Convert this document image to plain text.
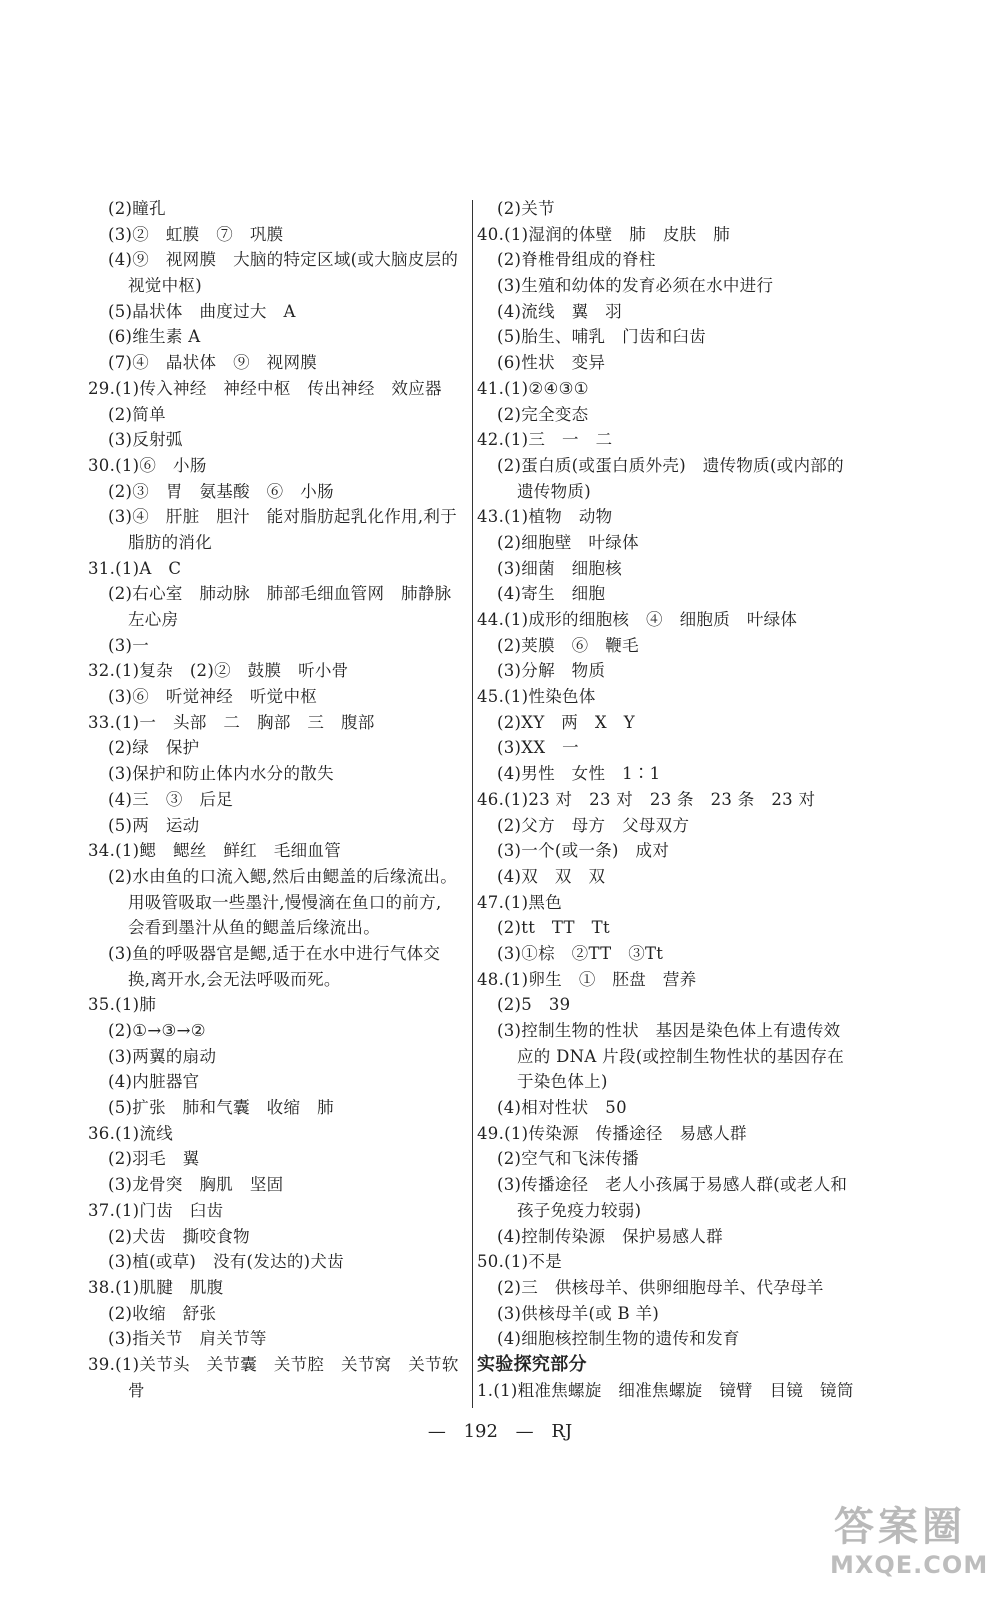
(2)瞳孔
(3)②　虹膜　⑦　巩膜
(4)⑨　视网膜　大脑的特定区域(或大脑皮层的
视觉中枢)
(5)晶状体　曲度过大　A
(6)维生素 A
(7)④　晶状体　⑨　视网膜
29.(1)传入神经　神经中枢　传出神经　效应器
(2)简单
(3)反射弧
30.(1)⑥　小肠
(2)③　胃　氨基酸　⑥　小肠
(3)④　肝脏　胆汁　能对脂肪起乳化作用,利于
脂肪的消化
31.(1)A　C
(2)右心室　肺动脉　肺部毛细血管网　肺静脉
左心房
(3)一
32.(1)复杂　(2)②　鼓膜　听小骨
(3)⑥　听觉神经　听觉中枢
33.(1)一　头部　二　胸部　三　腹部
(2)绿　保护
(3)保护和防止体内水分的散失
(4)三　③　后足
(5)两　运动
34.(1)鳃　鳃丝　鲜红　毛细血管
(2)水由鱼的口流入鳃,然后由鳃盖的后缘流出。
用吸管吸取一些墨汁,慢慢滴在鱼口的前方,
会看到墨汁从鱼的鳃盖后缘流出。
(3)鱼的呼吸器官是鳃,适于在水中进行气体交
换,离开水,会无法呼吸而死。
35.(1)肺
(2)①→③→②
(3)两翼的扇动
(4)内脏器官
(5)扩张　肺和气囊　收缩　肺
36.(1)流线
(2)羽毛　翼
(3)龙骨突　胸肌　坚固
37.(1)门齿　臼齿
(2)犬齿　撕咬食物
(3)植(或草)　没有(发达的)犬齿
38.(1)肌腱　肌腹
(2)收缩　舒张
(3)指关节　肩关节等
39.(1)关节头　关节囊　关节腔　关节窝　关节软
骨
(2)关节
40.(1)湿润的体壁　肺　皮肤　肺
(2)脊椎骨组成的脊柱
(3)生殖和幼体的发育必须在水中进行
(4)流线　翼　羽
(5)胎生、哺乳　门齿和臼齿
(6)性状　变异
41.(1)②④③①
(2)完全变态
42.(1)三　一　二
(2)蛋白质(或蛋白质外壳)　遗传物质(或内部的
遗传物质)
43.(1)植物　动物
(2)细胞壁　叶绿体
(3)细菌　细胞核
(4)寄生　细胞
44.(1)成形的细胞核　④　细胞质　叶绿体
(2)荚膜　⑥　鞭毛
(3)分解　物质
45.(1)性染色体
(2)XY　两　X　Y
(3)XX　一
(4)男性　女性　1∶1
46.(1)23 对　23 对　23 条　23 条　23 对
(2)父方　母方　父母双方
(3)一个(或一条)　成对
(4)双　双　双
47.(1)黑色
(2)tt　TT　Tt
(3)①棕　②TT　③Tt
48.(1)卵生　①　胚盘　营养
(2)5　39
(3)控制生物的性状　基因是染色体上有遗传效
应的 DNA 片段(或控制生物性状的基因存在
于染色体上)
(4)相对性状　50
49.(1)传染源　传播途径　易感人群
(2)空气和飞沫传播
(3)传播途径　老人小孩属于易感人群(或老人和
孩子免疫力较弱)
(4)控制传染源　保护易感人群
50.(1)不是
(2)三　供核母羊、供卵细胞母羊、代孕母羊
(3)供核母羊(或 B 羊)
(4)细胞核控制生物的遗传和发育
实验探究部分
1.(1)粗准焦螺旋　细准焦螺旋　镜臂　目镜　镜筒
— 192 — RJ
答案圈
MXQE.COM
